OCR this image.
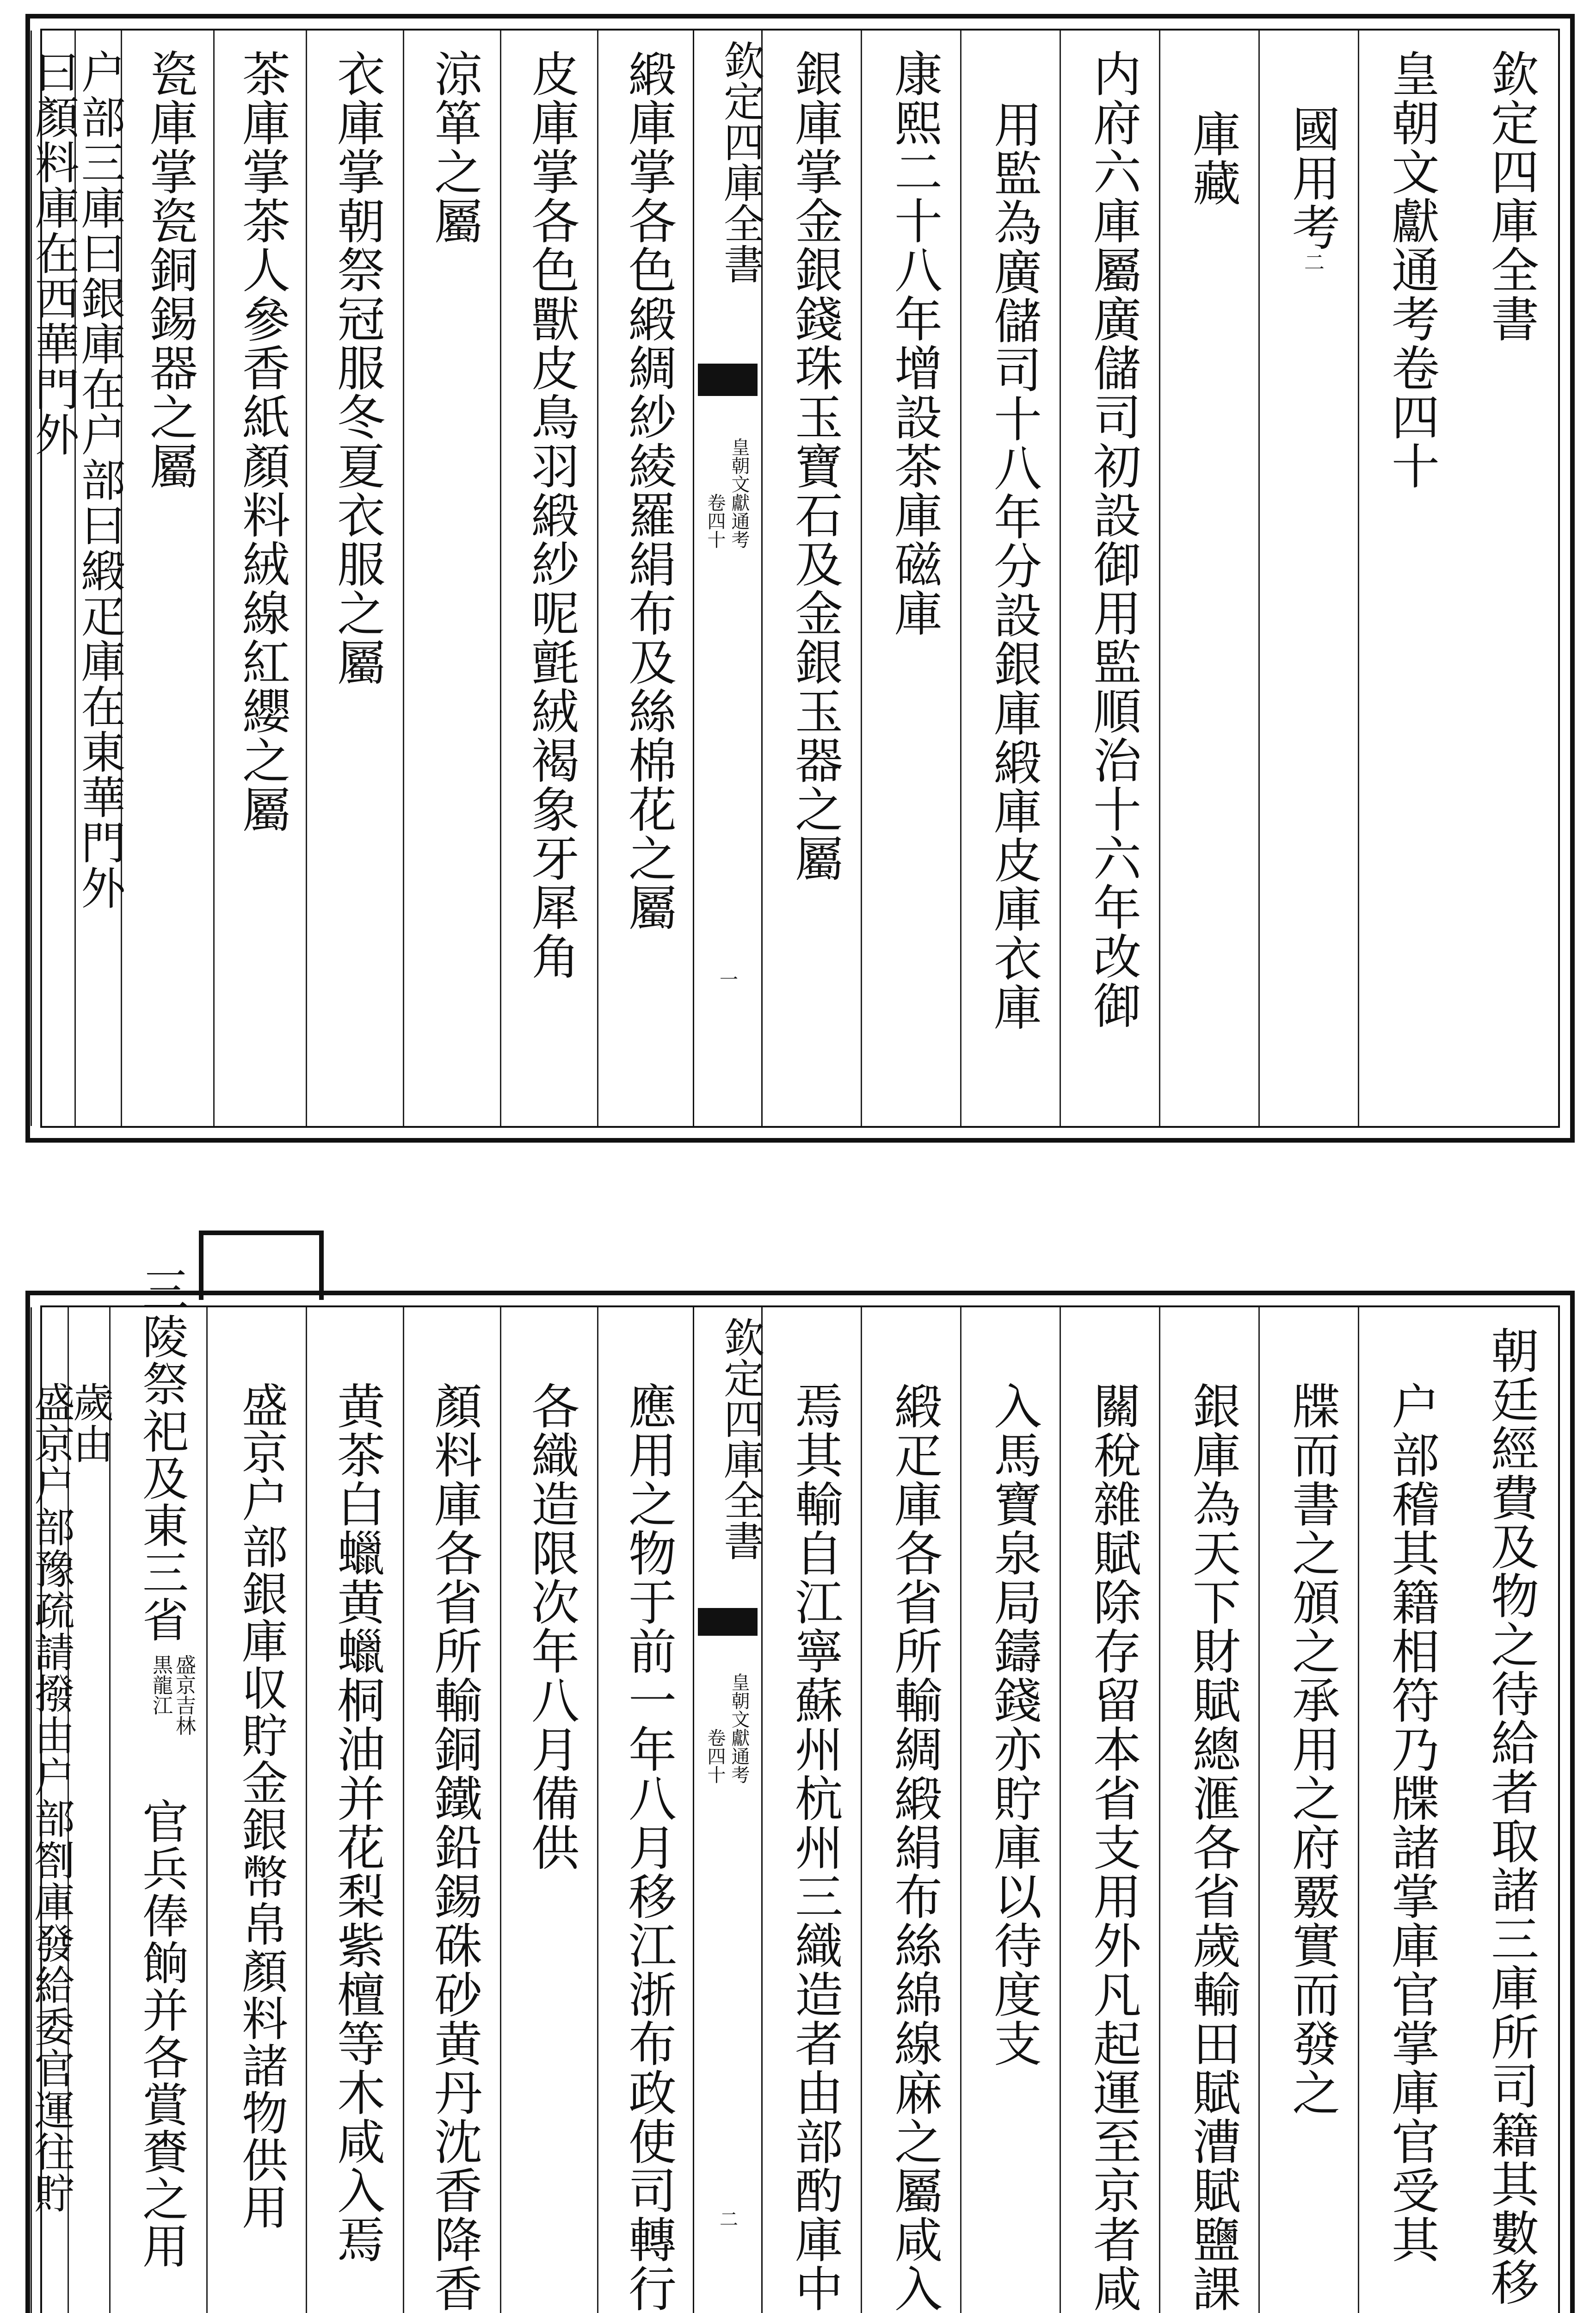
欽定四庫全書
皇朝文獻通考卷四十
國用考二
庫藏
内府六庫屬廣儲司初設御用監順治十六年改御
用監為廣儲司十八年分設銀庫緞庫皮庫衣庫
康熙二十八年增設茶庫磁庫
銀庫掌金銀錢珠玉寶石及金銀玉器之屬
欽定四庫全書
皇朝文獻通考
卷四十
一
緞庫掌各色緞綢紗綾羅絹布及絲棉花之屬
皮庫掌各色獸皮鳥羽緞紗呢氈絨褐象牙犀角
涼箪之屬
衣庫掌朝祭冠服冬夏衣服之屬
茶庫掌茶人參香紙顏料絨線紅纓之屬
瓷庫掌瓷銅錫器之屬
户部三庫曰銀庫在户部曰緞疋庫在東華門外
曰顏料庫在西華門外
朝廷經費及物之待給者取諸三庫所司籍其數移
户部稽其籍相符乃牒諸掌庫官掌庫官受其
牒而書之頒之承用之府覈實而發之
銀庫為天下財賦總滙各省歲輸田賦漕賦鹽課
關稅雜賦除存留本省支用外凡起運至京者咸
入馬寶泉局鑄錢亦貯庫以待度支
緞疋庫各省所輸綢緞絹布絲綿線麻之屬咸入
焉其輸自江寧蘇州杭州三織造者由部酌庫中
欽定四庫全書
皇朝文獻通考
卷四十
二
應用之物于前一年八月移江浙布政使司轉行
各織造限次年八月備供
顏料庫各省所輸銅鐵鉛錫硃砂黄丹沈香降香
黄茶白蠟黄蠟桐油并花梨紫檀等木咸入焉
盛京户部銀庫収貯金銀幣帛顏料諸物供用
三陵祭祀及東三省
盛京吉林
黒龍江
官兵俸餉并各賞賚之用
歲由
盛京户部豫疏請撥由户部劄庫發給委官運往貯
